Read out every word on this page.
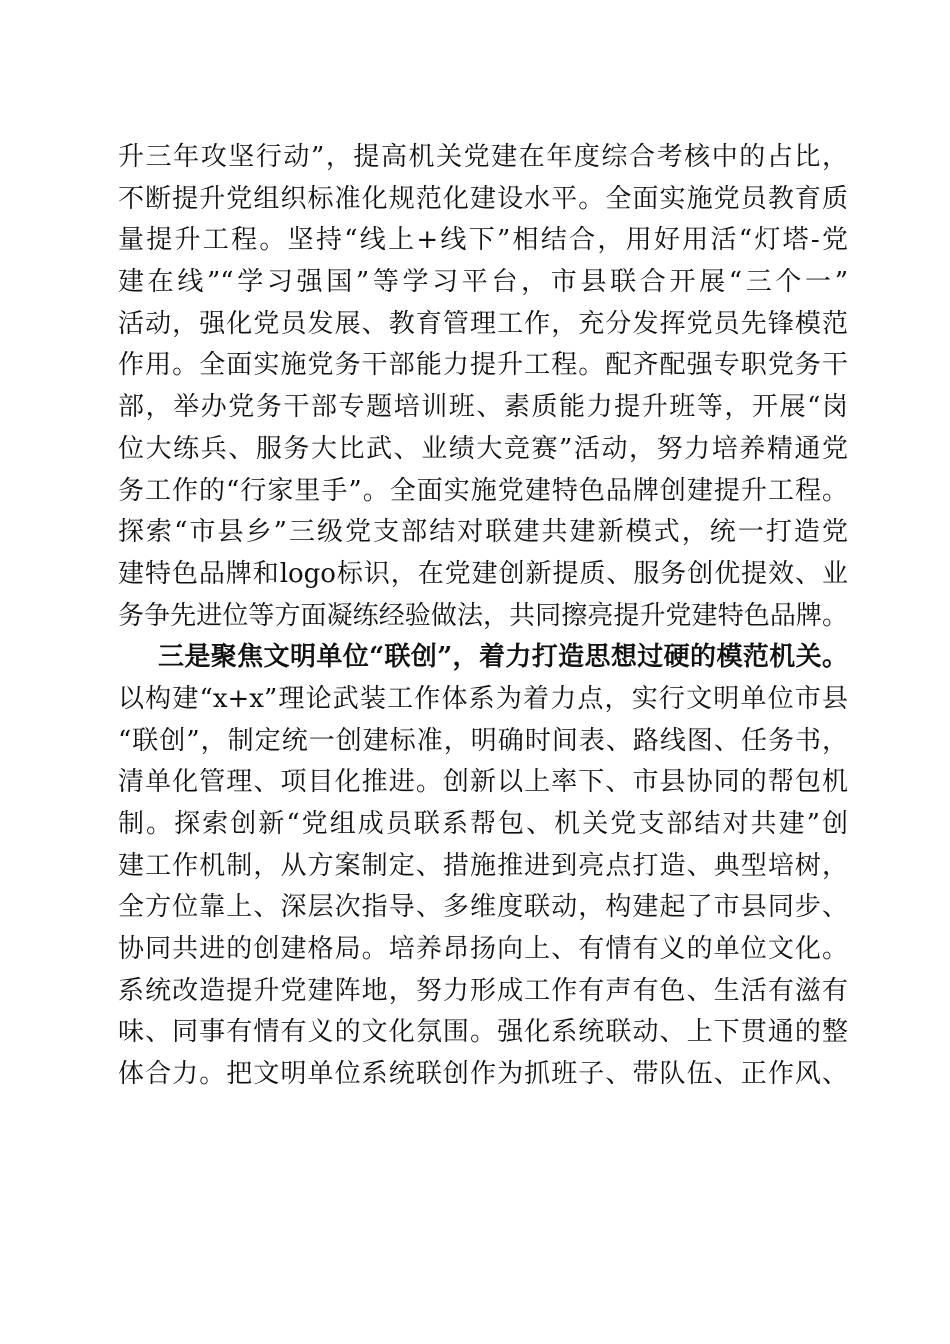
升三年攻坚行动”，提高机关党建在年度综合考核中的占比，
不断提升党组织标准化规范化建设水平。全面实施党员教育质
量提升工程。坚持“线上+线下”相结合，用好用活“灯塔-党
建在线”“学习强国”等学习平台，市县联合开展“三个一”
活动，强化党员发展、教育管理工作，充分发挥党员先锋模范
作用。全面实施党务干部能力提升工程。配齐配强专职党务干
部，举办党务干部专题培训班、素质能力提升班等，开展“岗
位大练兵、服务大比武、业绩大竞赛”活动，努力培养精通党
务工作的“行家里手”。全面实施党建特色品牌创建提升工程。
探索“市县乡”三级党支部结对联建共建新模式，统一打造党
建特色品牌和logo标识，在党建创新提质、服务创优提效、业
务争先进位等方面凝练经验做法，共同擦亮提升党建特色品牌。
三是聚焦文明单位“联创”，着力打造思想过硬的模范机关。
以构建“x+x”理论武装工作体系为着力点，实行文明单位市县
“联创”，制定统一创建标准，明确时间表、路线图、任务书，
清单化管理、项目化推进。创新以上率下、市县协同的帮包机
制。探索创新“党组成员联系帮包、机关党支部结对共建”创
建工作机制，从方案制定、措施推进到亮点打造、典型培树，
全方位靠上、深层次指导、多维度联动，构建起了市县同步、
协同共进的创建格局。培养昂扬向上、有情有义的单位文化。
系统改造提升党建阵地，努力形成工作有声有色、生活有滋有
味、同事有情有义的文化氛围。强化系统联动、上下贯通的整
体合力。把文明单位系统联创作为抓班子、带队伍、正作风、
